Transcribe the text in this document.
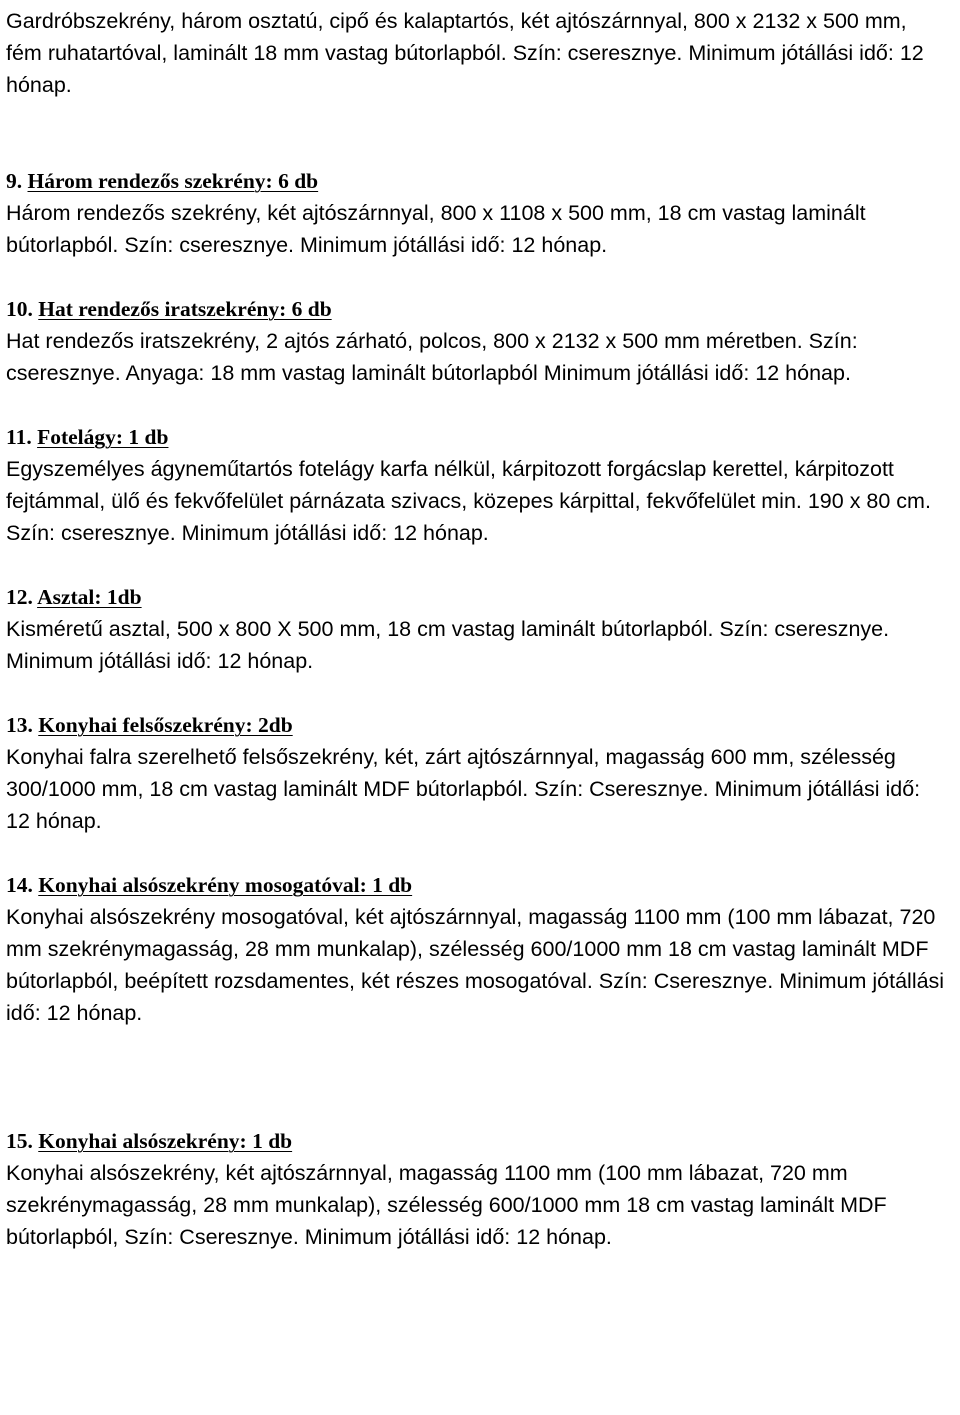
Gardróbszekrény, három osztatú, cipő és kalaptartós, két ajtószárnnyal, 800 x 2132 x 500 mm, fém ruhatartóval, laminált 18 mm vastag bútorlapból. Szín: cseresznye. Minimum jótállási idő: 12 hónap.

9. Három rendezős szekrény: 6 db
Három rendezős szekrény, két ajtószárnnyal, 800 x 1108 x 500 mm, 18 cm vastag laminált bútorlapból. Szín: cseresznye. Minimum jótállási idő: 12 hónap.
10. Hat rendezős iratszekrény: 6 db
Hat rendezős iratszekrény, 2 ajtós zárható, polcos, 800 x 2132 x 500 mm méretben. Szín: cseresznye. Anyaga: 18 mm vastag laminált bútorlapból Minimum jótállási idő: 12 hónap.
11. Fotelágy: 1 db
Egyszemélyes ágyneműtartós fotelágy karfa nélkül, kárpitozott forgácslap kerettel, kárpitozott fejtámmal, ülő és fekvőfelület párnázata szivacs, közepes kárpittal, fekvőfelület min. 190 x 80 cm. Szín: cseresznye. Minimum jótállási idő: 12 hónap.
12. Asztal: 1db
Kisméretű asztal, 500 x 800 X 500 mm, 18 cm vastag laminált bútorlapból. Szín: cseresznye. Minimum jótállási idő: 12 hónap.
13. Konyhai felsőszekrény: 2db
Konyhai falra szerelhető felsőszekrény, két, zárt ajtószárnnyal, magasság 600 mm, szélesség 300/1000 mm, 18 cm vastag laminált MDF bútorlapból. Szín: Cseresznye. Minimum jótállási idő: 12 hónap.
14. Konyhai alsószekrény mosogatóval: 1 db
Konyhai alsószekrény mosogatóval, két ajtószárnnyal, magasság 1100 mm (100 mm lábazat, 720 mm szekrénymagasság, 28 mm munkalap), szélesség 600/1000 mm 18 cm vastag laminált MDF bútorlapból, beépített rozsdamentes, két részes mosogatóval. Szín: Cseresznye. Minimum jótállási idő: 12 hónap.
15. Konyhai alsószekrény: 1 db
Konyhai alsószekrény, két ajtószárnnyal, magasság 1100 mm (100 mm lábazat, 720 mm szekrénymagasság, 28 mm munkalap), szélesség 600/1000 mm 18 cm vastag laminált MDF bútorlapból, Szín: Cseresznye. Minimum jótállási idő: 12 hónap.
